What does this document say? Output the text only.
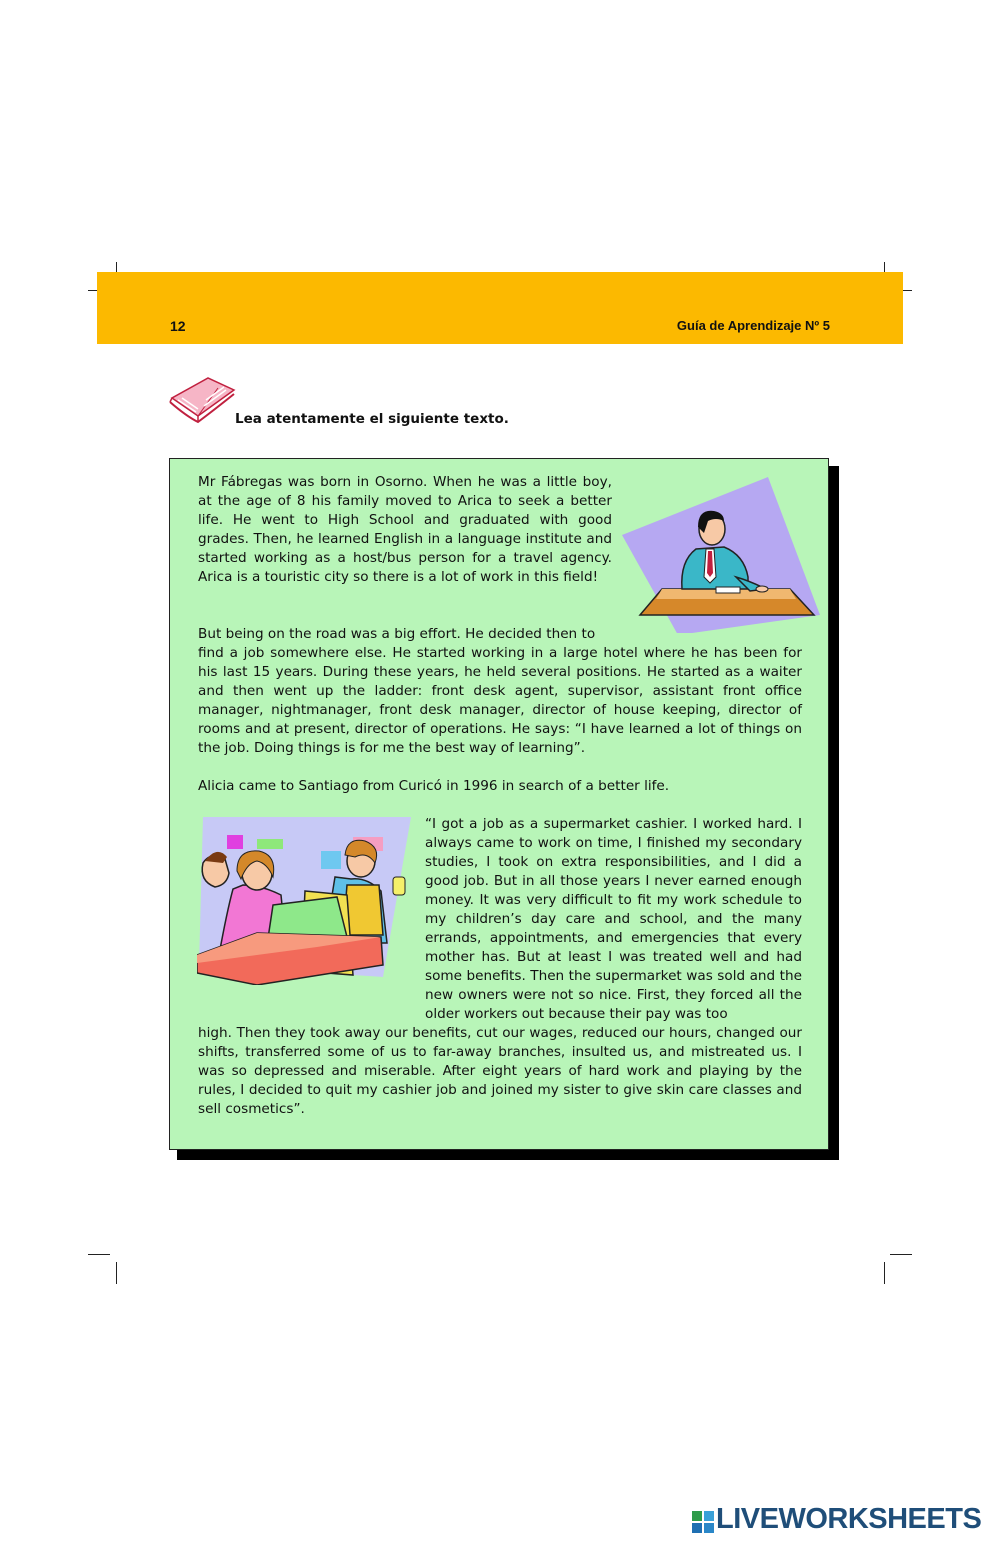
12	Guía de Aprendizaje Nº 5
Lea atentamente el siguiente texto.

Mr Fábregas was born in Osorno. When he was a little boy, at the age of 8 his family moved to Arica to seek a better life. He went to High School and graduated with good grades. Then, he learned English in a language institute and started working as a host/bus person for a travel agency. Arica is a touristic city so there is a lot of work in this field!

But being on the road was a big effort. He decided then to

find a job somewhere else. He started working in a large hotel where he has been for his last 15 years. During these years, he held several positions. He started as a waiter and then went up the ladder: front desk agent, supervisor, assistant front office manager, nightmanager, front desk manager, director of house keeping, director of rooms and at present, director of operations. He says: “I have learned a lot of things on the job. Doing things is for me the best way of learning”.

Alicia came to Santiago from Curicó in 1996 in search of a better life.

“I got a job as a supermarket cashier. I worked hard. I always came to work on time, I finished my secondary studies, I took on extra responsibilities, and I did a good job. But in all those years I never earned enough money. It was very difficult to fit my work schedule to my children’s day care and school, and the many errands, appointments, and emergencies that every mother has. But at least I was treated well and had some benefits. Then the supermarket was sold and the new owners were not so nice. First, they forced all the older workers out because their pay was too

high. Then they took away our benefits, cut our wages, reduced our hours, changed our shifts, transferred some of us to far-away branches, insulted us, and mistreated us. I was so depressed and miserable. After eight years of hard work and playing by the rules, I decided to quit my cashier job and joined my sister to give skin care classes and sell cosmetics”.

LIVEWORKSHEETS
